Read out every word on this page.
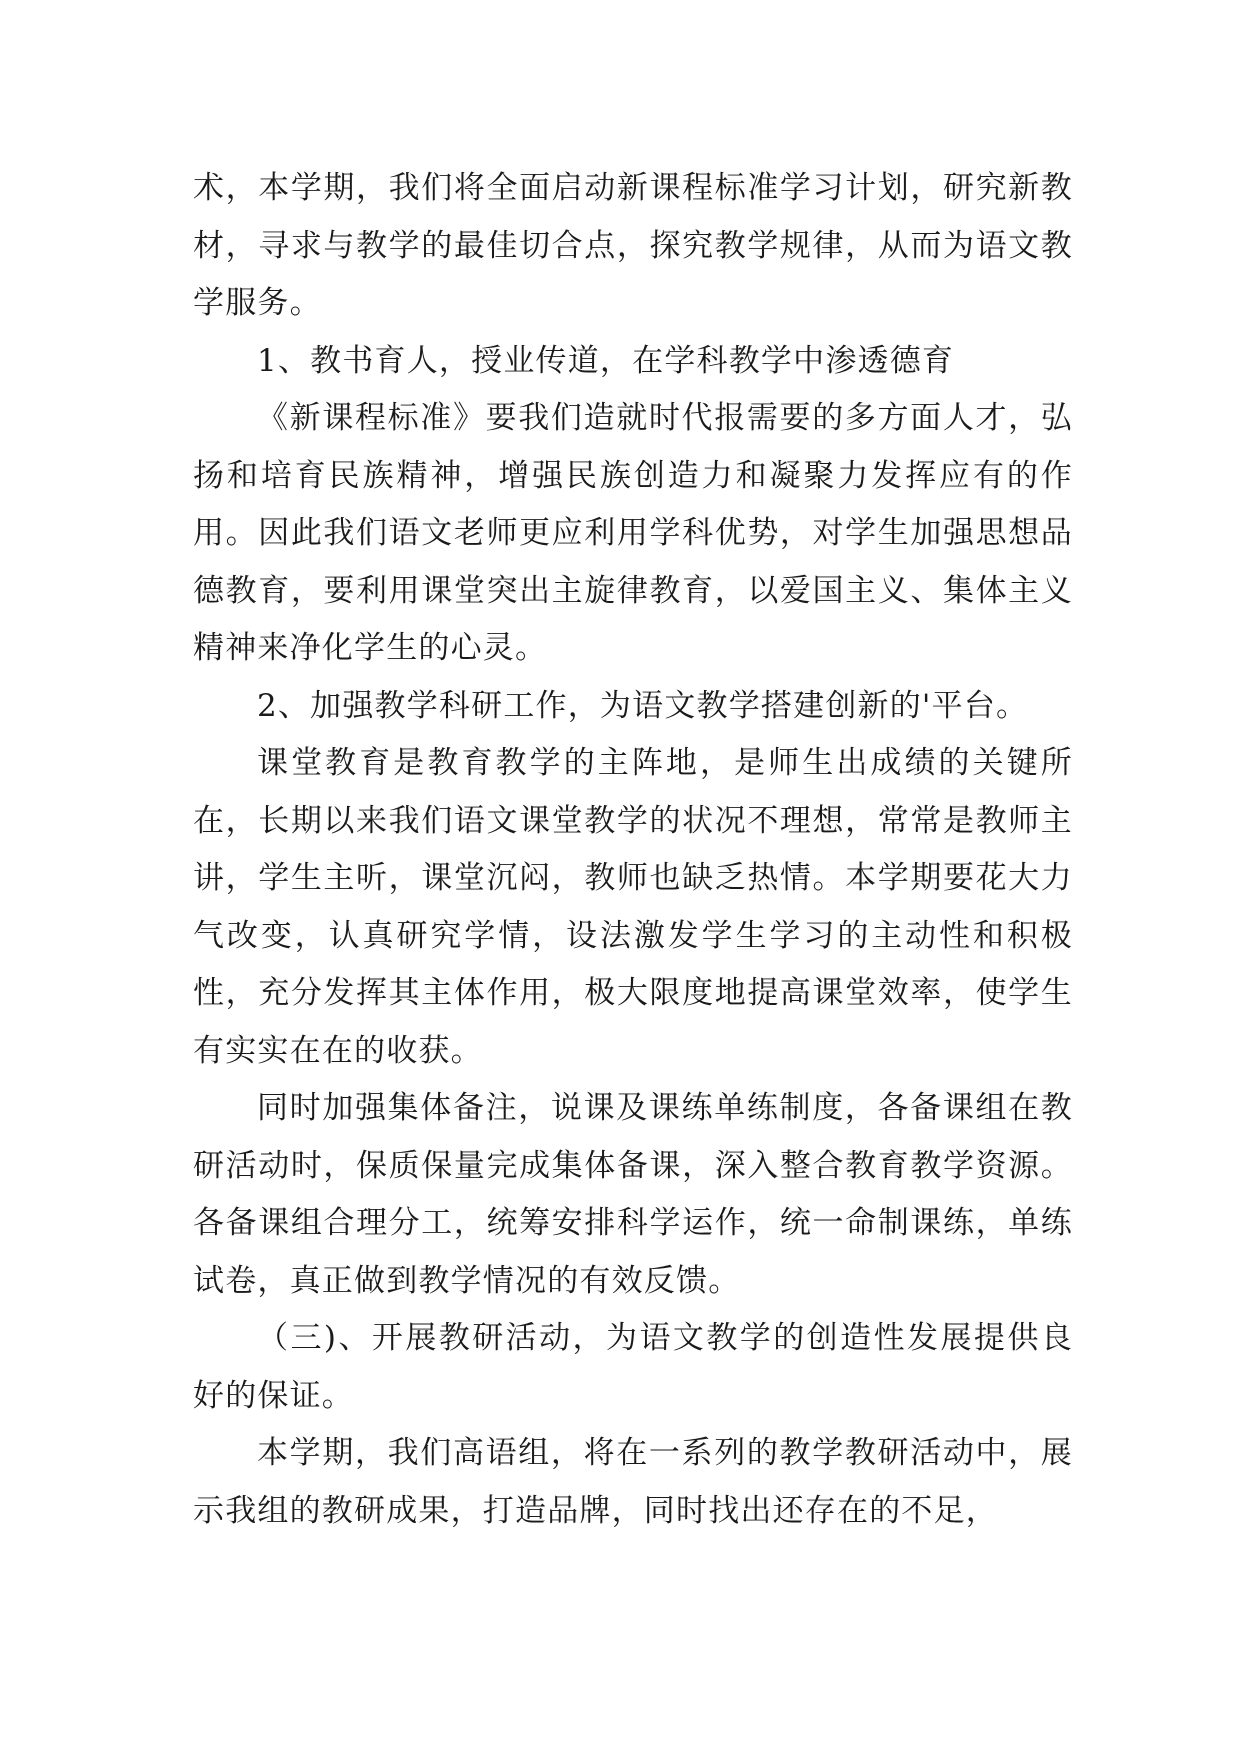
术，本学期，我们将全面启动新课程标准学习计划，研究新教材，寻求与教学的最佳切合点，探究教学规律，从而为语文教学服务。

1、教书育人，授业传道，在学科教学中渗透德育

《新课程标准》要我们造就时代报需要的多方面人才，弘扬和培育民族精神，增强民族创造力和凝聚力发挥应有的作用。因此我们语文老师更应利用学科优势，对学生加强思想品德教育，要利用课堂突出主旋律教育，以爱国主义、集体主义精神来净化学生的心灵。

2、加强教学科研工作，为语文教学搭建创新的'平台。

课堂教育是教育教学的主阵地，是师生出成绩的关键所在，长期以来我们语文课堂教学的状况不理想，常常是教师主讲，学生主听，课堂沉闷，教师也缺乏热情。本学期要花大力气改变，认真研究学情，设法激发学生学习的主动性和积极性，充分发挥其主体作用，极大限度地提高课堂效率，使学生有实实在在的收获。

同时加强集体备注，说课及课练单练制度，各备课组在教研活动时，保质保量完成集体备课，深入整合教育教学资源。各备课组合理分工，统筹安排科学运作，统一命制课练，单练试卷，真正做到教学情况的有效反馈。

（三)、开展教研活动，为语文教学的创造性发展提供良好的保证。

本学期，我们高语组，将在一系列的教学教研活动中，展示我组的教研成果，打造品牌，同时找出还存在的不足，
